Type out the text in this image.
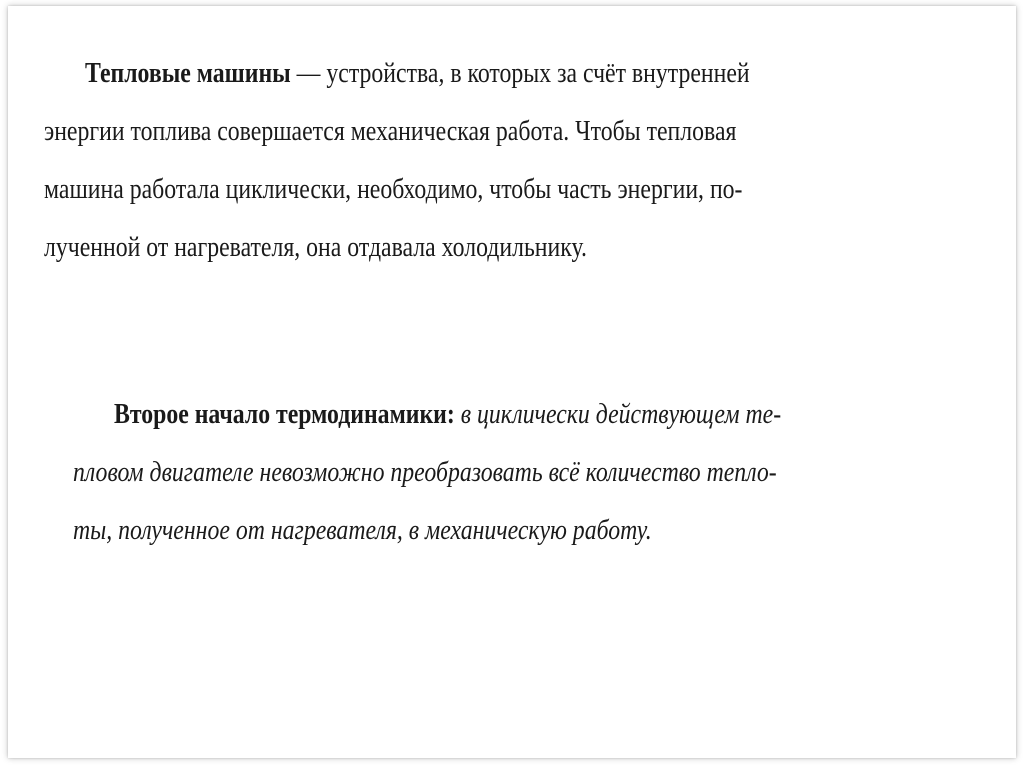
Тепловые машины — устройства, в которых за счёт внутренней
энергии топлива совершается механическая работа. Чтобы тепловая
машина работала циклически, необходимо, чтобы часть энергии, по-
лученной от нагревателя, она отдавала холодильнику.
Второе начало термодинамики: в циклически действующем те-
пловом двигателе невозможно преобразовать всё количество тепло-
ты, полученное от нагревателя, в механическую работу.
